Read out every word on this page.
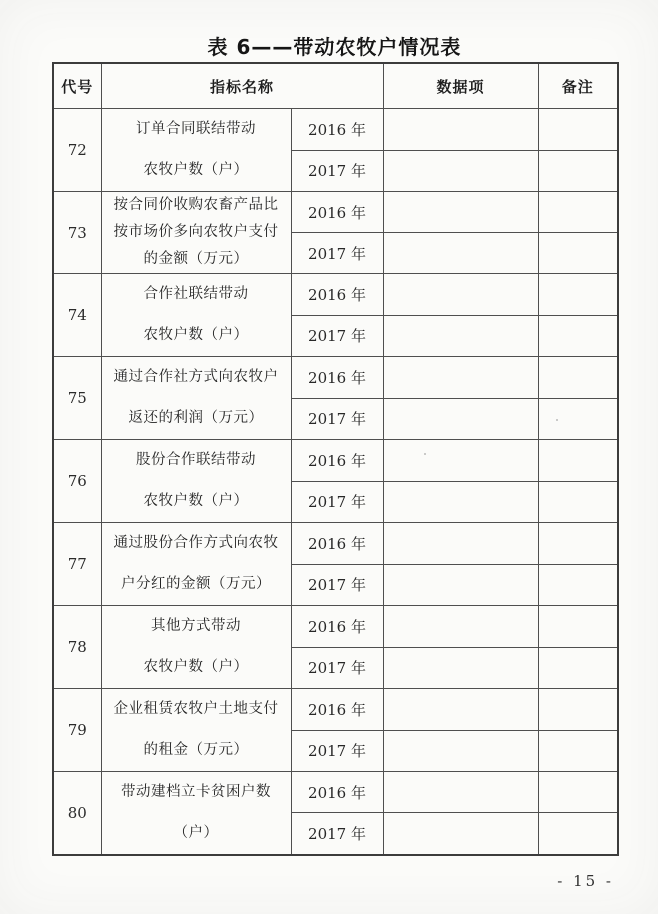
表 6——带动农牧户情况表
代号	指标名称		数据项	备注
72	订单合同联结带动
农牧户数（户）	2016 年		
		2017 年		
73	按合同价收购农畜产品比
按市场价多向农牧户支付
的金额（万元）	2016 年		
		2017 年		
74	合作社联结带动
农牧户数（户）	2016 年		
		2017 年		
75	通过合作社方式向农牧户
返还的利润（万元）	2016 年		
		2017 年		
76	股份合作联结带动
农牧户数（户）	2016 年		
		2017 年		
77	通过股份合作方式向农牧
户分红的金额（万元）	2016 年		
		2017 年		
78	其他方式带动
农牧户数（户）	2016 年		
		2017 年		
79	企业租赁农牧户土地支付
的租金（万元）	2016 年		
		2017 年		
80	带动建档立卡贫困户数
（户）	2016 年		
		2017 年		
- 15 -
